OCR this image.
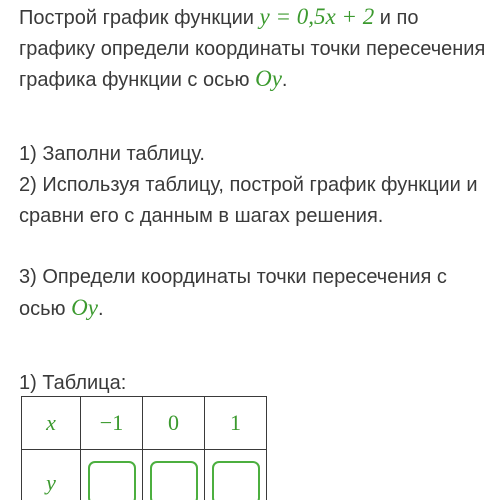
Построй график функции y = 0,5x + 2 и по графику определи координаты точки пересечения графика функции с осью Oy.

1) Заполни таблицу.

2) Используя таблицу, построй график функции и сравни его с данным в шагах решения.

3) Определи координаты точки пересечения с осью Oy.

1) Таблица:
x	−1	0	1
y			
